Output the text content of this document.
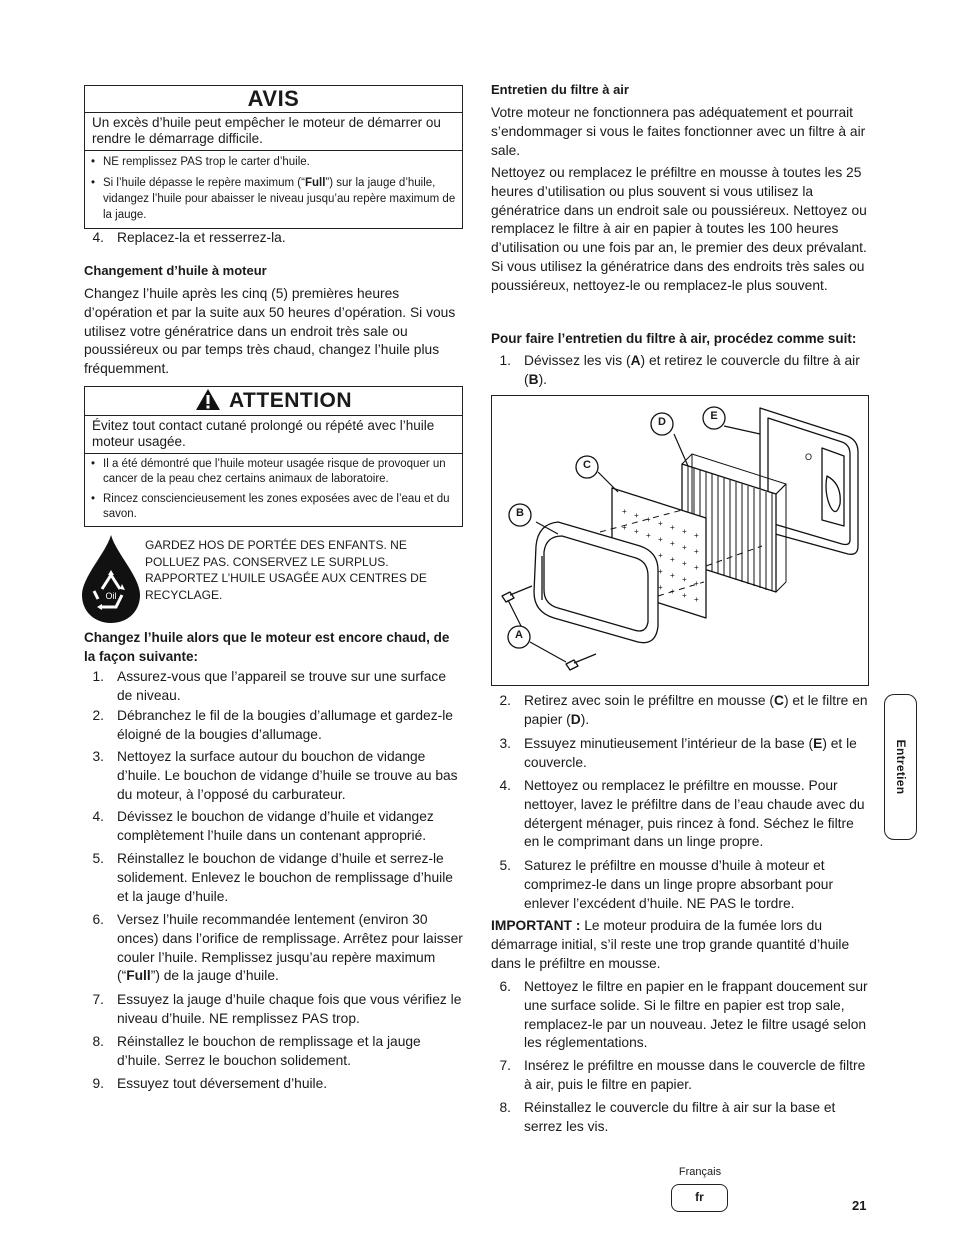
AVIS
Un excès d’huile peut empêcher le moteur de démarrer ou rendre le démarrage difficile.
• NE remplissez PAS trop le carter d’huile.
• Si l’huile dépasse le repère maximum (“Full”) sur la jauge d’huile, vidangez l’huile pour abaisser le niveau jusqu’au repère maximum de la jauge.
4. Replacez-la et resserrez-la.
Changement d’huile à moteur
Changez l’huile après les cinq (5) premières heures d’opération et par la suite aux 50 heures d’opération. Si vous utilisez votre génératrice dans un endroit très sale ou poussiéreux ou par temps très chaud, changez l’huile plus fréquemment.
ATTENTION
Évitez tout contact cutané prolongé ou répété avec l’huile moteur usagée.
• Il a été démontré que l’huile moteur usagée risque de provoquer un cancer de la peau chez certains animaux de laboratoire.
• Rincez consciencieusement les zones exposées avec de l’eau et du savon.
Oil
GARDEZ HOS DE PORTÉE DES ENFANTS. NE POLLUEZ PAS. CONSERVEZ LE SURPLUS. RAPPORTEZ L’HUILE USAGÉE AUX CENTRES DE RECYCLAGE.
Changez l’huile alors que le moteur est encore chaud, de la façon suivante:
1. Assurez-vous que l’appareil se trouve sur une surface de niveau.
2. Débranchez le fil de la bougies d’allumage et gardez-le éloigné de la bougies d’allumage.
3. Nettoyez la surface autour du bouchon de vidange d’huile. Le bouchon de vidange d’huile se trouve au bas du moteur, à l’opposé du carburateur.
4. Dévissez le bouchon de vidange d’huile et vidangez complètement l’huile dans un contenant approprié.
5. Réinstallez le bouchon de vidange d’huile et serrez-le solidement. Enlevez le bouchon de remplissage d’huile et la jauge d’huile.
6. Versez l’huile recommandée lentement (environ 30 onces) dans l’orifice de remplissage. Arrêtez pour laisser couler l’huile. Remplissez jusqu’au repère maximum (“Full”) de la jauge d’huile.
7. Essuyez la jauge d’huile chaque fois que vous vérifiez le niveau d’huile. NE remplissez PAS trop.
8. Réinstallez le bouchon de remplissage et la jauge d’huile. Serrez le bouchon solidement.
9. Essuyez tout déversement d’huile.
Entretien du filtre à air
Votre moteur ne fonctionnera pas adéquatement et pourrait s’endommager si vous le faites fonctionner avec un filtre à air sale.
Nettoyez ou remplacez le préfiltre en mousse à toutes les 25 heures d’utilisation ou plus souvent si vous utilisez la génératrice dans un endroit sale ou poussiéreux. Nettoyez ou remplacez le filtre à air en papier à toutes les 100 heures d’utilisation ou une fois par an, le premier des deux prévalant. Si vous utilisez la génératrice dans des endroits très sales ou poussiéreux, nettoyez-le ou remplacez-le plus souvent.
Pour faire l’entretien du filtre à air, procédez comme suit:
1. Dévissez les vis (A) et retirez le couvercle du filtre à air (B).
O
+ + + + + + +
+ + + + + + +
+ + + +
+ + + +
+ + + +
D	E
C
B
A
2. Retirez avec soin le préfiltre en mousse (C) et le filtre en papier (D).
3. Essuyez minutieusement l’intérieur de la base (E) et le couvercle.
4. Nettoyez ou remplacez le préfiltre en mousse. Pour nettoyer, lavez le préfiltre dans de l’eau chaude avec du détergent ménager, puis rincez à fond. Séchez le filtre en le comprimant dans un linge propre.
5. Saturez le préfiltre en mousse d’huile à moteur et comprimez-le dans un linge propre absorbant pour enlever l’excédent d’huile. NE PAS le tordre.
IMPORTANT : Le moteur produira de la fumée lors du démarrage initial, s’il reste une trop grande quantité d’huile dans le préfiltre en mousse.
6. Nettoyez le filtre en papier en le frappant doucement sur une surface solide. Si le filtre en papier est trop sale, remplacez-le par un nouveau. Jetez le filtre usagé selon les réglementations.
7. Insérez le préfiltre en mousse dans le couvercle de filtre à air, puis le filtre en papier.
8. Réinstallez le couvercle du filtre à air sur la base et serrez les vis.
Entretien
Français
fr
21
